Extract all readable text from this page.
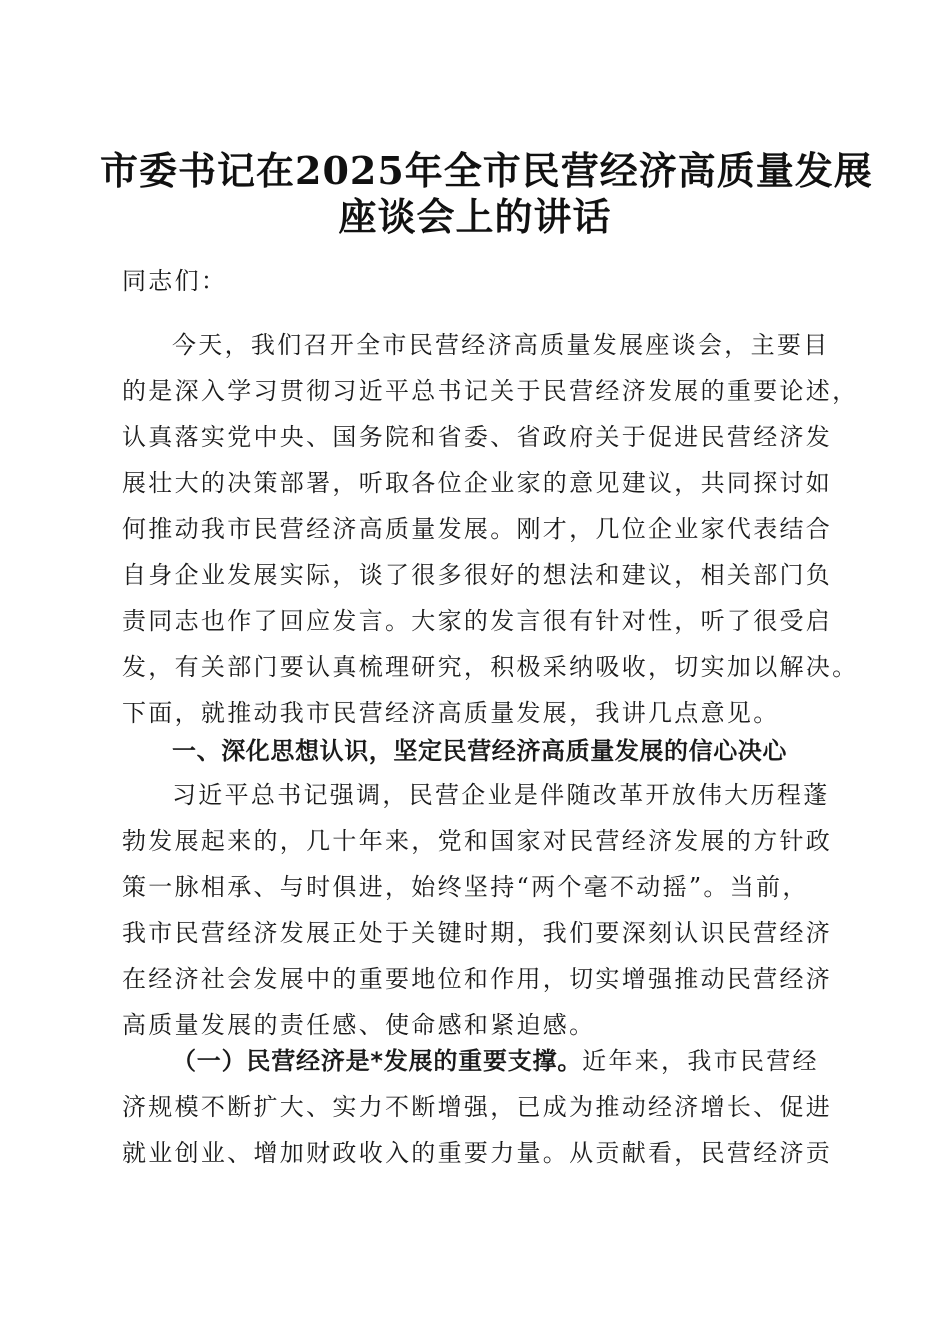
市委书记在2025年全市民营经济高质量发展
座谈会上的讲话
同志们：
今天，我们召开全市民营经济高质量发展座谈会，主要目
的是深入学习贯彻习近平总书记关于民营经济发展的重要论述，
认真落实党中央、国务院和省委、省政府关于促进民营经济发
展壮大的决策部署，听取各位企业家的意见建议，共同探讨如
何推动我市民营经济高质量发展。刚才，几位企业家代表结合
自身企业发展实际，谈了很多很好的想法和建议，相关部门负
责同志也作了回应发言。大家的发言很有针对性，听了很受启
发，有关部门要认真梳理研究，积极采纳吸收，切实加以解决。
下面，就推动我市民营经济高质量发展，我讲几点意见。
一、深化思想认识，坚定民营经济高质量发展的信心决心
习近平总书记强调，民营企业是伴随改革开放伟大历程蓬
勃发展起来的，几十年来，党和国家对民营经济发展的方针政
策一脉相承、与时俱进，始终坚持“两个毫不动摇”。当前，
我市民营经济发展正处于关键时期，我们要深刻认识民营经济
在经济社会发展中的重要地位和作用，切实增强推动民营经济
高质量发展的责任感、使命感和紧迫感。
（一）民营经济是*发展的重要支撑。近年来，我市民营经
济规模不断扩大、实力不断增强，已成为推动经济增长、促进
就业创业、增加财政收入的重要力量。从贡献看，民营经济贡
